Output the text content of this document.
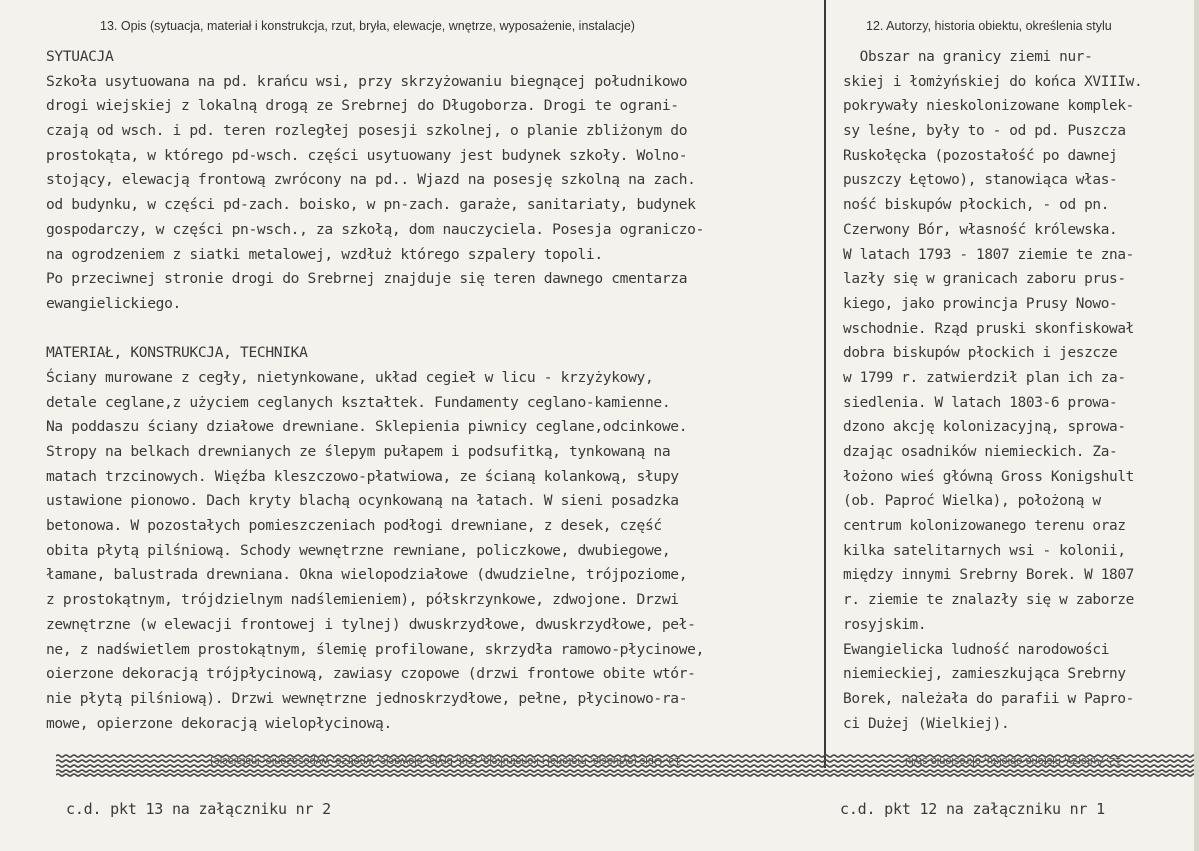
13. Opis (sytuacja, materiał i konstrukcja, rzut, bryła, elewacje, wnętrze, wyposażenie, instalacje)	12. Autorzy, historia obiektu, określenia stylu
SYTUACJA
Szkoła usytuowana na pd. krańcu wsi, przy skrzyżowaniu biegnącej południkowo
drogi wiejskiej z lokalną drogą ze Srebrnej do Długoborza. Drogi te ograni-
czają od wsch. i pd. teren rozległej posesji szkolnej, o planie zbliżonym do
prostokąta, w którego pd-wsch. części usytuowany jest budynek szkoły. Wolno-
stojący, elewacją frontową zwrócony na pd.. Wjazd na posesję szkolną na zach.
od budynku, w części pd-zach. boisko, w pn-zach. garaże, sanitariaty, budynek
gospodarczy, w części pn-wsch., za szkołą, dom nauczyciela. Posesja ograniczo-
na ogrodzeniem z siatki metalowej, wzdłuż którego szpalery topoli.
Po przeciwnej stronie drogi do Srebrnej znajduje się teren dawnego cmentarza
ewangielickiego.
MATERIAŁ, KONSTRUKCJA, TECHNIKA
Ściany murowane z cegły, nietynkowane, układ cegieł w licu - krzyżykowy,
detale ceglane,z użyciem ceglanych kształtek. Fundamenty ceglano-kamienne.
Na poddaszu ściany działowe drewniane. Sklepienia piwnicy ceglane,odcinkowe.
Stropy na belkach drewnianych ze ślepym pułapem i podsufitką, tynkowaną na
matach trzcinowych. Więźba kleszczowo-płatwiowa, ze ścianą kolankową, słupy
ustawione pionowo. Dach kryty blachą ocynkowaną na łatach. W sieni posadzka
betonowa. W pozostałych pomieszczeniach podłogi drewniane, z desek, część
obita płytą pilśniową. Schody wewnętrzne rewniane, policzkowe, dwubiegowe,
łamane, balustrada drewniana. Okna wielopodziałowe (dwudzielne, trójpoziome,
z prostokątnym, trójdzielnym nadślemieniem), półskrzynkowe, zdwojone. Drzwi
zewnętrzne (w elewacji frontowej i tylnej) dwuskrzydłowe, dwuskrzydłowe, peł-
ne, z nadświetlem prostokątnym, ślemię profilowane, skrzydła ramowo-płycinowe,
oierzone dekoracją trójpłycinową, zawiasy czopowe (drzwi frontowe obite wtór-
nie płytą pilśniową). Drzwi wewnętrzne jednoskrzydłowe, pełne, płycinowo-ra-
mowe, opierzone dekoracją wielopłycinową.
Obszar na granicy ziemi nur-
skiej i łomżyńskiej do końca XVIIIw.
pokrywały nieskolonizowane komplek-
sy leśne, były to - od pd. Puszcza
Ruskołęcka (pozostałość po dawnej
puszczy Łętowo), stanowiąca włas-
ność biskupów płockich, - od pn.
Czerwony Bór, własność królewska.
W latach 1793 - 1807 ziemie te zna-
lazły się w granicach zaboru prus-
kiego, jako prowincja Prusy Nowo-
wschodnie. Rząd pruski skonfiskował
dobra biskupów płockich i jeszcze
w 1799 r. zatwierdził plan ich za-
siedlenia. W latach 1803-6 prowa-
dzono akcję kolonizacyjną, sprowa-
dzając osadników niemieckich. Za-
łożono wieś główną Gross Konigshult
(ob. Paproć Wielka), położoną w
centrum kolonizowanego terenu oraz
kilka satelitarnych wsi - kolonii,
między innymi Srebrny Borek. W 1807
r. ziemie te znalazły się w zaborze
rosyjskim.
Ewangielicka ludność narodowości
niemieckiej, zamieszkująca Srebrny
Borek, należała do parafii w Papro-
ci Dużej (Wielkiej).
13. Opis (sytuacja, materiał i konstrukcja, rzut, bryła, elewacje, wnętrze, wyposażenie, instalacje)	12. Autorzy, historia obiektu, określenia stylu
c.d. pkt 13 na załączniku nr 2	c.d. pkt 12 na załączniku nr 1
